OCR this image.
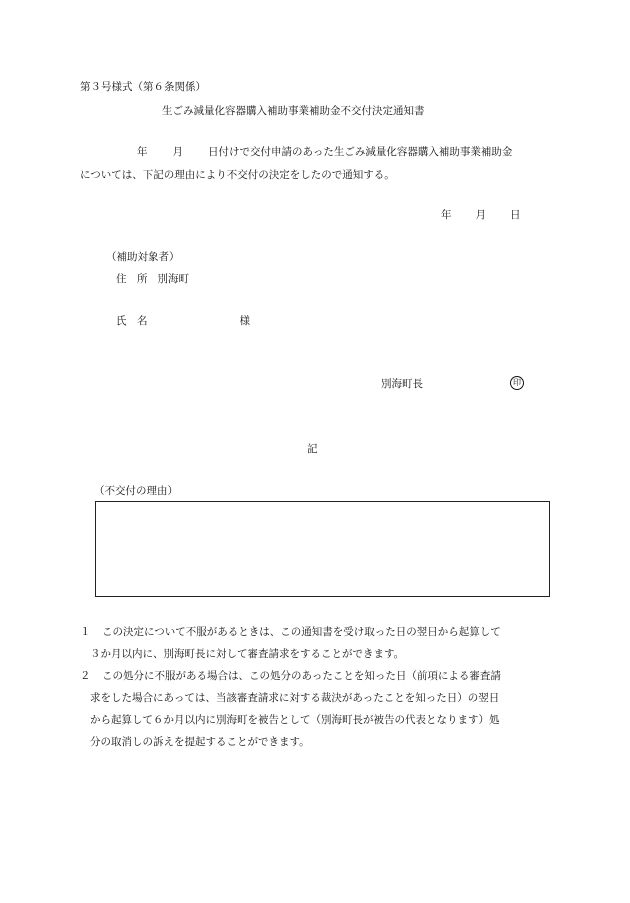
第３号様式（第６条関係）
生ごみ減量化容器購入補助事業補助金不交付決定通知書
年 月 日付けで交付申請のあった生ごみ減量化容器購入補助事業補助金
については、下記の理由により不交付の決定をしたので通知する。
年 月 日
（補助対象者）
住　所 別海町
氏　名	様
別海町長	印
記
（不交付の理由）
１ この決定について不服があるときは、この通知書を受け取った日の翌日から起算して
３か月以内に、別海町長に対して審査請求をすることができます。
２ この処分に不服がある場合は、この処分のあったことを知った日（前項による審査請
求をした場合にあっては、当該審査請求に対する裁決があったことを知った日）の翌日
から起算して６か月以内に別海町を被告として（別海町長が被告の代表となります）処
分の取消しの訴えを提起することができます。
